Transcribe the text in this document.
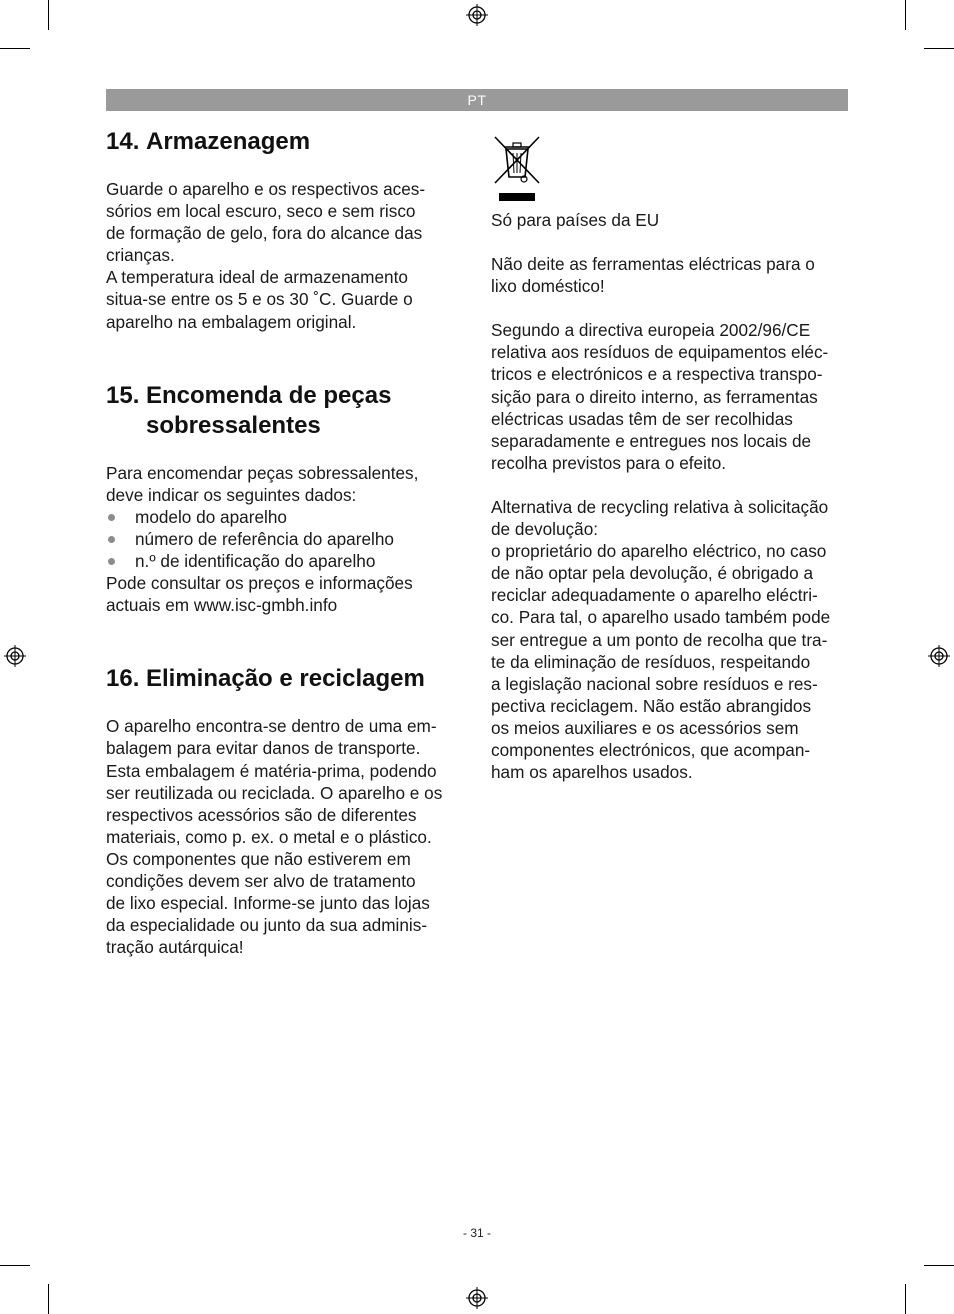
PT
14. Armazenagem

Guarde o aparelho e os respectivos aces-

sórios em local escuro, seco e sem risco

de formação de gelo, fora do alcance das

crianças.

A temperatura ideal de armazenamento

situa-se entre os 5 e os 30 ˚C. Guarde o

aparelho na embalagem original.

15. Encomenda de peças
sobressalentes

Para encomendar peças sobressalentes,

deve indicar os seguintes dados:

modelo do aparelho
número de referência do aparelho
n.º de identificação do aparelho

Pode consultar os preços e informações

actuais em www.isc-gmbh.info

16. Eliminação e reciclagem

O aparelho encontra-se dentro de uma em-

balagem para evitar danos de transporte.

Esta embalagem é matéria-prima, podendo

ser reutilizada ou reciclada. O aparelho e os

respectivos acessórios são de diferentes

materiais, como p. ex. o metal e o plástico.

Os componentes que não estiverem em

condições devem ser alvo de tratamento

de lixo especial. Informe-se junto das lojas

da especialidade ou junto da sua adminis-

tração autárquica!

Só para países da EU

Não deite as ferramentas eléctricas para o

lixo doméstico!

Segundo a directiva europeia 2002/96/CE

relativa aos resíduos de equipamentos eléc-

tricos e electrónicos e a respectiva transpo-

sição para o direito interno, as ferramentas

eléctricas usadas têm de ser recolhidas

separadamente e entregues nos locais de

recolha previstos para o efeito.

Alternativa de recycling relativa à solicitação

de devolução:

o proprietário do aparelho eléctrico, no caso

de não optar pela devolução, é obrigado a

reciclar adequadamente o aparelho eléctri-

co. Para tal, o aparelho usado também pode

ser entregue a um ponto de recolha que tra-

te da eliminação de resíduos, respeitando

a legislação nacional sobre resíduos e res-

pectiva reciclagem. Não estão abrangidos

os meios auxiliares e os acessórios sem

componentes electrónicos, que acompan-

ham os aparelhos usados.

- 31 -
